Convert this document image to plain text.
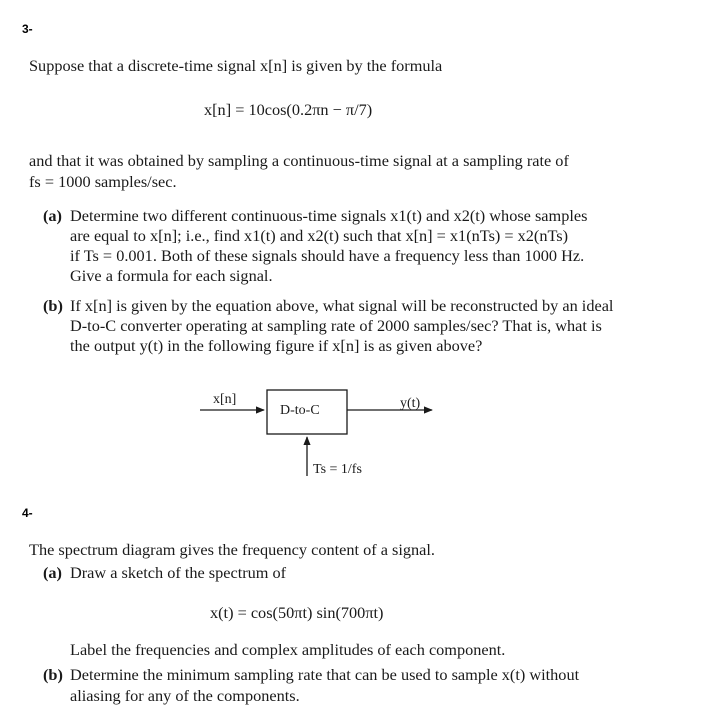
3-
Suppose that a discrete-time signal x[n] is given by the formula
x[n] = 10cos(0.2πn − π/7)
and that it was obtained by sampling a continuous-time signal at a sampling rate of
fs = 1000 samples/sec.
(a) Determine two different continuous-time signals x1(t) and x2(t) whose samples
are equal to x[n]; i.e., find x1(t) and x2(t) such that x[n] = x1(nTs) = x2(nTs)
if Ts = 0.001. Both of these signals should have a frequency less than 1000 Hz.
Give a formula for each signal.
(b) If x[n] is given by the equation above, what signal will be reconstructed by an ideal
D-to-C converter operating at sampling rate of 2000 samples/sec? That is, what is
the output y(t) in the following figure if x[n] is as given above?
x[n]
D-to-C	y(t)
Ts = 1/fs
4-
The spectrum diagram gives the frequency content of a signal.
(a) Draw a sketch of the spectrum of
x(t) = cos(50πt) sin(700πt)
Label the frequencies and complex amplitudes of each component.
(b) Determine the minimum sampling rate that can be used to sample x(t) without
aliasing for any of the components.
